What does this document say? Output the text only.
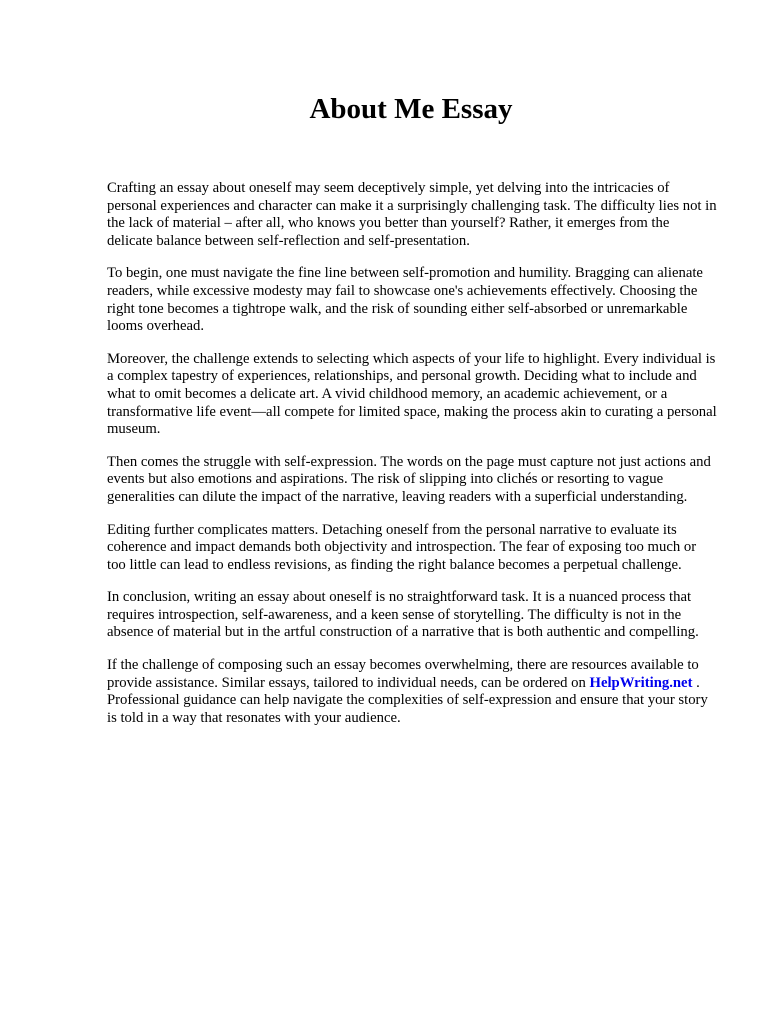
About Me Essay

Crafting an essay about oneself may seem deceptively simple, yet delving into the intricacies of personal experiences and character can make it a surprisingly challenging task. The difficulty lies not in the lack of material – after all, who knows you better than yourself? Rather, it emerges from the delicate balance between self-reflection and self-presentation.

To begin, one must navigate the fine line between self-promotion and humility. Bragging can alienate readers, while excessive modesty may fail to showcase one's achievements effectively. Choosing the right tone becomes a tightrope walk, and the risk of sounding either self-absorbed or unremarkable looms overhead.

Moreover, the challenge extends to selecting which aspects of your life to highlight. Every individual is a complex tapestry of experiences, relationships, and personal growth. Deciding what to include and what to omit becomes a delicate art. A vivid childhood memory, an academic achievement, or a transformative life event—all compete for limited space, making the process akin to curating a personal museum.

Then comes the struggle with self-expression. The words on the page must capture not just actions and events but also emotions and aspirations. The risk of slipping into clichés or resorting to vague generalities can dilute the impact of the narrative, leaving readers with a superficial understanding.

Editing further complicates matters. Detaching oneself from the personal narrative to evaluate its coherence and impact demands both objectivity and introspection. The fear of exposing too much or too little can lead to endless revisions, as finding the right balance becomes a perpetual challenge.

In conclusion, writing an essay about oneself is no straightforward task. It is a nuanced process that requires introspection, self-awareness, and a keen sense of storytelling. The difficulty is not in the absence of material but in the artful construction of a narrative that is both authentic and compelling.

If the challenge of composing such an essay becomes overwhelming, there are resources available to provide assistance. Similar essays, tailored to individual needs, can be ordered on HelpWriting.net . Professional guidance can help navigate the complexities of self-expression and ensure that your story is told in a way that resonates with your audience.
